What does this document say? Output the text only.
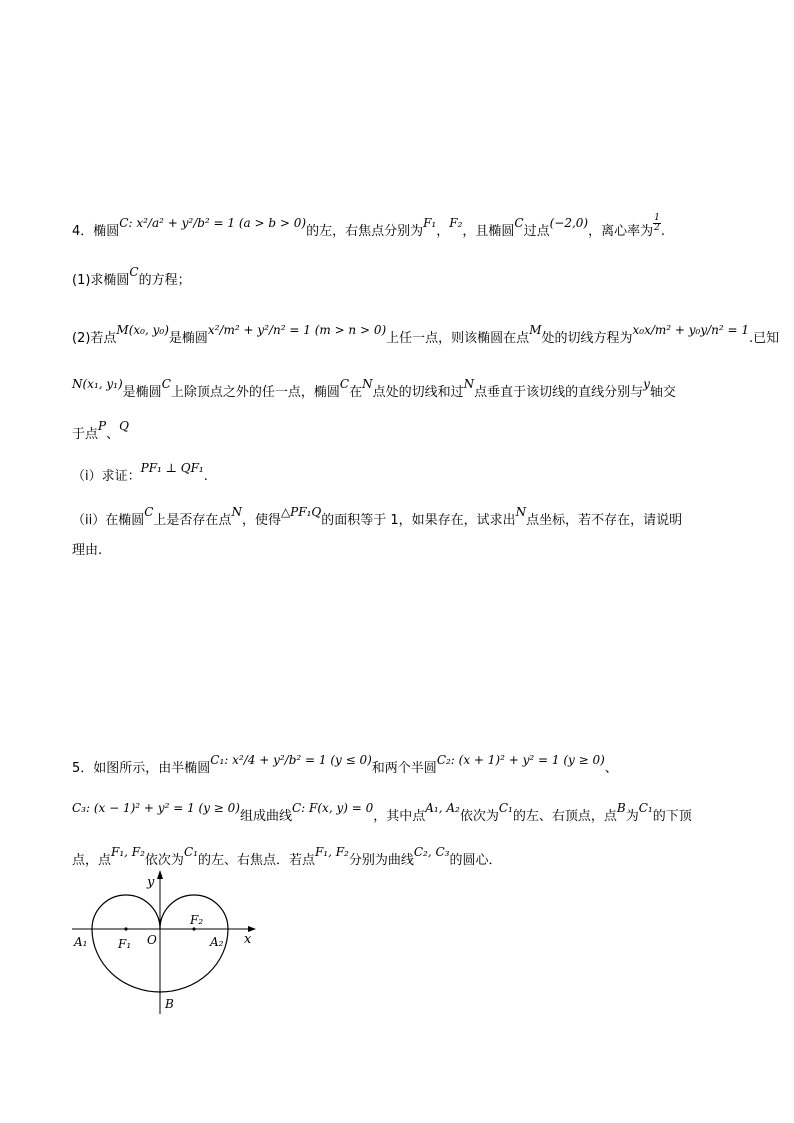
4．椭圆C: x²/a² + y²/b² = 1 (a > b > 0)的左，右焦点分别为F₁，F₂，且椭圆C过点(−2,0)，离心率为 $\frac{1}{2}$ .
(1)求椭圆C的方程；
(2)若点M(x₀, y₀)是椭圆x²/m² + y²/n² = 1 (m > n > 0)上任一点，则该椭圆在点M处的切线方程为x₀x/m² + y₀y/n² = 1.已知
N(x₁, y₁)是椭圆C上除顶点之外的任一点，椭圆C在N点处的切线和过N点垂直于该切线的直线分别与y轴交
于点P、Q
（i）求证：PF₁ ⊥ QF₁.
（ii）在椭圆C上是否存在点N，使得△PF₁Q的面积等于 1，如果存在，试求出N点坐标，若不存在，请说明
理由.
5．如图所示，由半椭圆C₁: x²/4 + y²/b² = 1 (y ≤ 0)和两个半圆C₂: (x + 1)² + y² = 1 (y ≥ 0)、
C₃: (x − 1)² + y² = 1 (y ≥ 0)组成曲线C: F(x, y) = 0，其中点A₁, A₂依次为C₁的左、右顶点，点B为C₁的下顶
点，点F₁, F₂依次为C₁的左、右焦点．若点F₁, F₂分别为曲线C₂, C₃的圆心．
y
x
O
A₁	A₂
F₁
F₂
B
